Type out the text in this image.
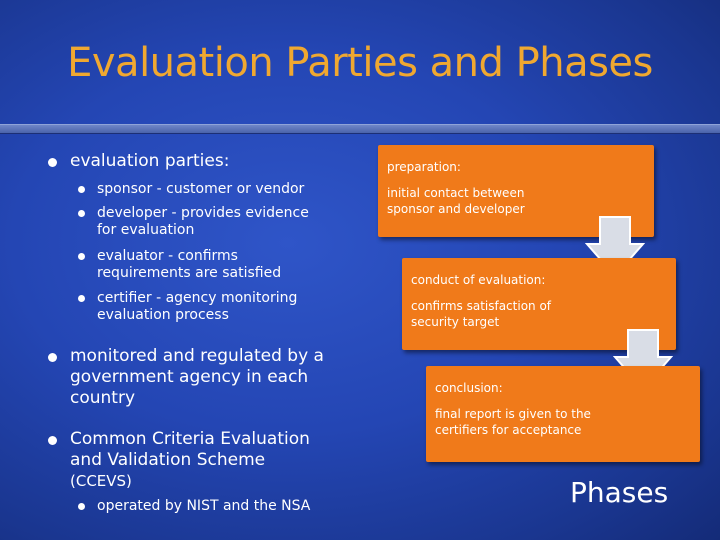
Evaluation Parties and Phases
evaluation parties:
sponsor - customer or vendor
developer - provides evidence
for evaluation
evaluator - confirms
requirements are satisfied
certifier - agency monitoring
evaluation process
monitored and regulated by a
government agency in each
country
Common Criteria Evaluation
and Validation Scheme
(CCEVS)
operated by NIST and the NSA
preparation:
initial contact between sponsor and developer
conduct of evaluation:
confirms satisfaction of security target
conclusion:
final report is given to the certifiers for acceptance
Phases
